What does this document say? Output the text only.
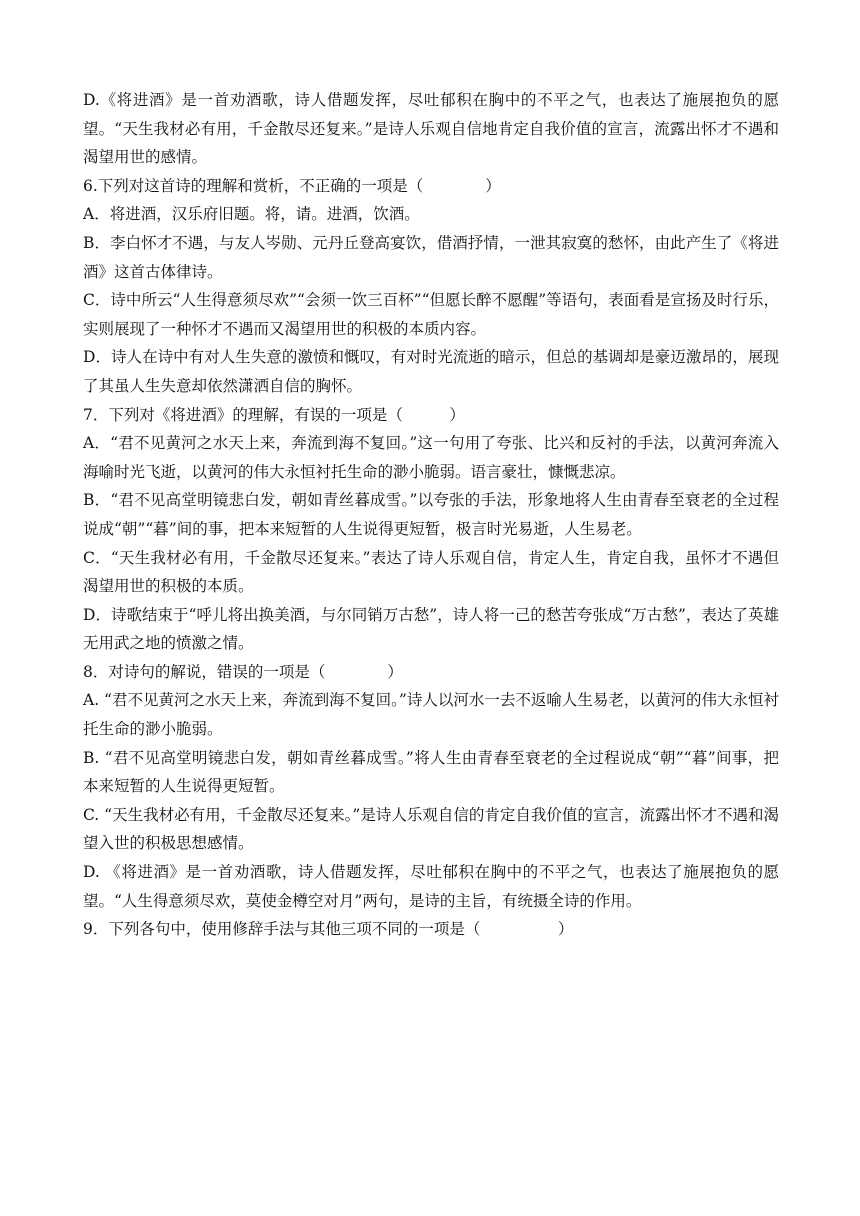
D.《将进酒》是一首劝酒歌，诗人借题发挥，尽吐郁积在胸中的不平之气，也表达了施展抱负的愿望。“天生我材必有用，千金散尽还复来。”是诗人乐观自信地肯定自我价值的宣言，流露出怀才不遇和渴望用世的感情。

6.下列对这首诗的理解和赏析，不正确的一项是（　　　　）

A．将进酒，汉乐府旧题。将，请。进酒，饮酒。

B．李白怀才不遇，与友人岑勋、元丹丘登高宴饮，借酒抒情，一泄其寂寞的愁怀，由此产生了《将进酒》这首古体律诗。

C．诗中所云“人生得意须尽欢”“会须一饮三百杯”“但愿长醉不愿醒”等语句，表面看是宣扬及时行乐，实则展现了一种怀才不遇而又渴望用世的积极的本质内容。

D．诗人在诗中有对人生失意的激愤和慨叹，有对时光流逝的暗示，但总的基调却是豪迈激昂的，展现了其虽人生失意却依然潇洒自信的胸怀。

7．下列对《将进酒》的理解，有误的一项是（　　　）

A．“君不见黄河之水天上来，奔流到海不复回。”这一句用了夸张、比兴和反衬的手法，以黄河奔流入海喻时光飞逝，以黄河的伟大永恒衬托生命的渺小脆弱。语言豪壮，慷慨悲凉。

B．“君不见高堂明镜悲白发，朝如青丝暮成雪。”以夸张的手法，形象地将人生由青春至衰老的全过程说成“朝”“暮”间的事，把本来短暂的人生说得更短暂，极言时光易逝，人生易老。

C．“天生我材必有用，千金散尽还复来。”表达了诗人乐观自信，肯定人生，肯定自我，虽怀才不遇但渴望用世的积极的本质。

D．诗歌结束于“呼儿将出换美酒，与尔同销万古愁”，诗人将一己的愁苦夸张成“万古愁”，表达了英雄无用武之地的愤激之情。

8．对诗句的解说，错误的一项是（　　　　）

A. “君不见黄河之水天上来，奔流到海不复回。”诗人以河水一去不返喻人生易老，以黄河的伟大永恒衬托生命的渺小脆弱。

B. “君不见高堂明镜悲白发，朝如青丝暮成雪。”将人生由青春至衰老的全过程说成“朝”“暮”间事，把本来短暂的人生说得更短暂。

C. “天生我材必有用，千金散尽还复来。”是诗人乐观自信的肯定自我价值的宣言，流露出怀才不遇和渴望入世的积极思想感情。

D. 《将进酒》是一首劝酒歌，诗人借题发挥，尽吐郁积在胸中的不平之气，也表达了施展抱负的愿望。“人生得意须尽欢，莫使金樽空对月”两句，是诗的主旨，有统摄全诗的作用。

9．下列各句中，使用修辞手法与其他三项不同的一项是（　　　　　）
